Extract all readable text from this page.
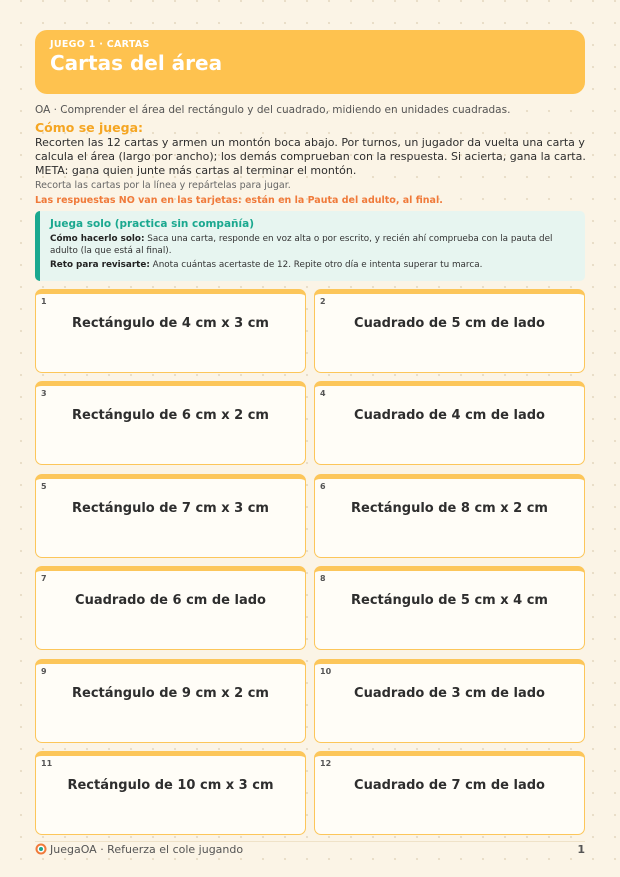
JUEGO 1 · CARTAS
Cartas del área
OA · Comprender el área del rectángulo y del cuadrado, midiendo en unidades cuadradas.
Cómo se juega:
Recorten las 12 cartas y armen un montón boca abajo. Por turnos, un jugador da vuelta una carta y calcula el área (largo por ancho); los demás comprueban con la respuesta. Si acierta, gana la carta. META: gana quien junte más cartas al terminar el montón.
Recorta las cartas por la línea y repártelas para jugar.
Las respuestas NO van en las tarjetas: están en la Pauta del adulto, al final.
Juega solo (practica sin compañía)
Cómo hacerlo solo: Saca una carta, responde en voz alta o por escrito, y recién ahí comprueba con la pauta del adulto (la que está al final).
Reto para revisarte: Anota cuántas acertaste de 12. Repite otro día e intenta superar tu marca.
1
Rectángulo de 4 cm x 3 cm
2
Cuadrado de 5 cm de lado
3
Rectángulo de 6 cm x 2 cm
4
Cuadrado de 4 cm de lado
5
Rectángulo de 7 cm x 3 cm
6
Rectángulo de 8 cm x 2 cm
7
Cuadrado de 6 cm de lado
8
Rectángulo de 5 cm x 4 cm
9
Rectángulo de 9 cm x 2 cm
10
Cuadrado de 3 cm de lado
11
Rectángulo de 10 cm x 3 cm
12
Cuadrado de 7 cm de lado
JuegaOA · Refuerza el cole jugando	1
